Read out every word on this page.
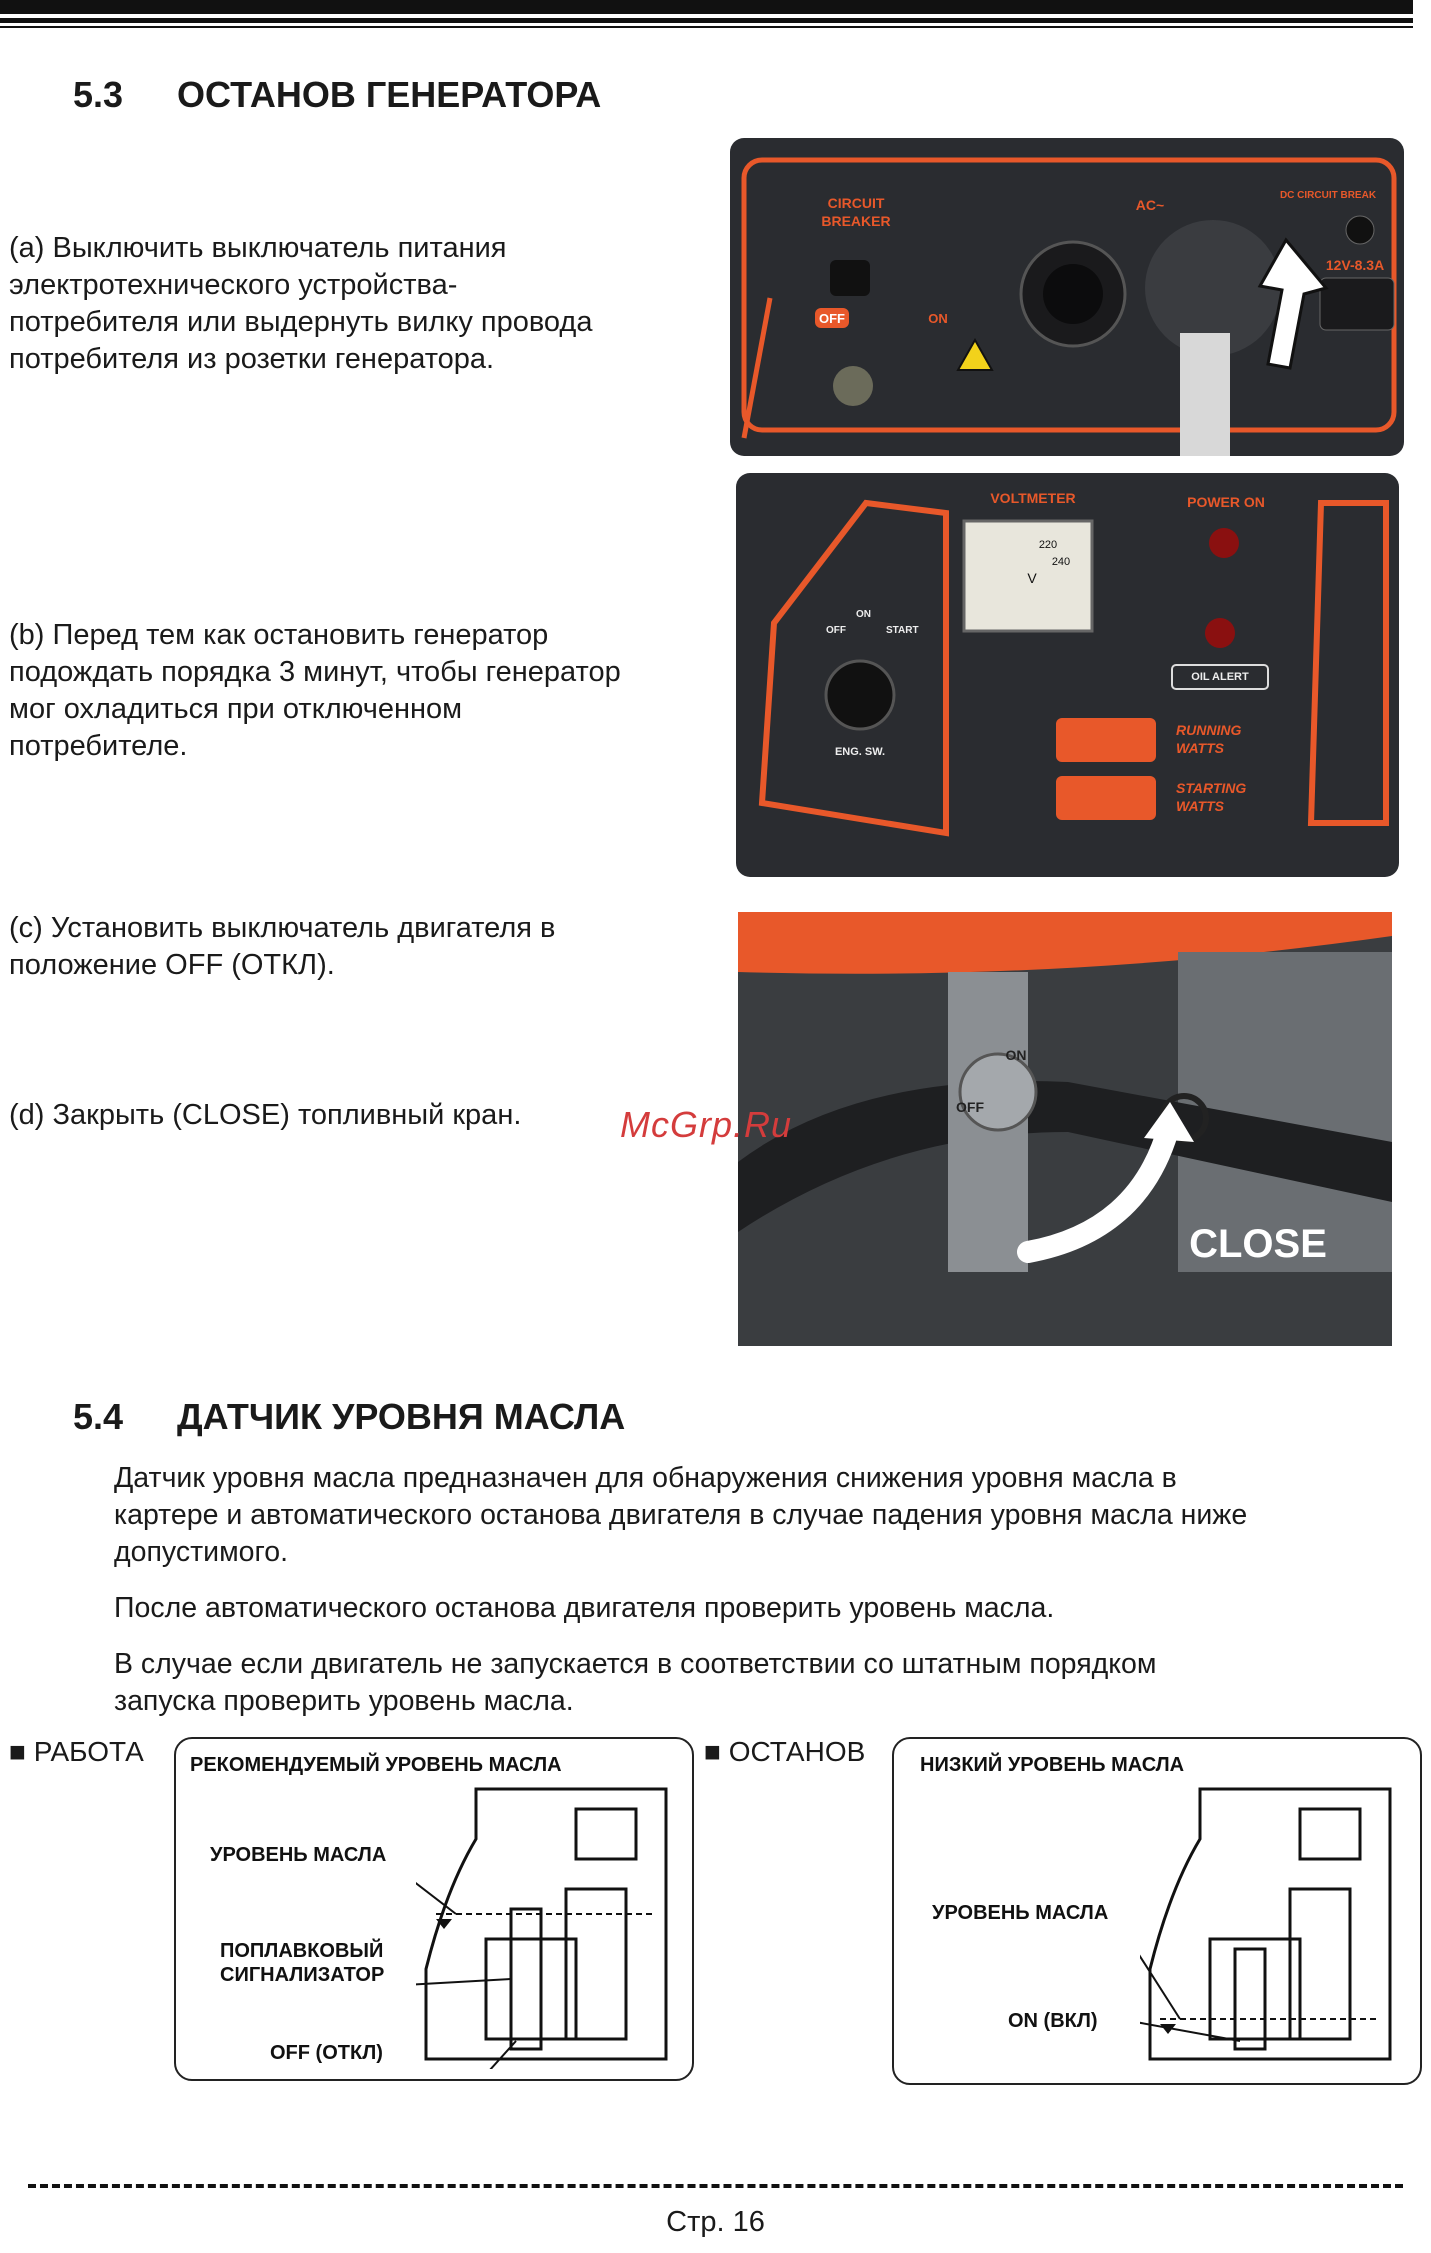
5.3 ОСТАНОВ ГЕНЕРАТОРА
(a) Выключить выключатель питания
электротехнического устройства-
потребителя или выдернуть вилку провода
потребителя из розетки генератора.
(b) Перед тем как остановить генератор
подождать порядка 3 минут, чтобы генератор
мог охладиться при отключенном
потребителе.
(c) Установить выключатель двигателя в
положение OFF (ОТКЛ).
(d) Закрыть (CLOSE) топливный кран.
CIRCUIT
BREAKER
OFF	ON
AC~
DC CIRCUIT BREAK
12V-8.3A
VOLTMETER
220
240
V
POWER ON
OIL ALERT
RUNNING
WATTS
STARTING
WATTS
OFF
ON
START
ENG. SW.
ON
OFF
CLOSE
McGrp.Ru
5.4 ДАТЧИК УРОВНЯ МАСЛА
Датчик уровня масла предназначен для обнаружения снижения уровня масла в
картере и автоматического останова двигателя в случае падения уровня масла ниже
допустимого.
После автоматического останова двигателя проверить уровень масла.
В случае если двигатель не запускается в соответствии со штатным порядком
запуска проверить уровень масла.
■ РАБОТА	■ ОСТАНОВ
РЕКОМЕНДУЕМЫЙ УРОВЕНЬ МАСЛА
УРОВЕНЬ МАСЛА
ПОПЛАВКОВЫЙ
СИГНАЛИЗАТОР
OFF (ОТКЛ)
НИЗКИЙ УРОВЕНЬ МАСЛА
УРОВЕНЬ МАСЛА
ON (ВКЛ)
Стр. 16
